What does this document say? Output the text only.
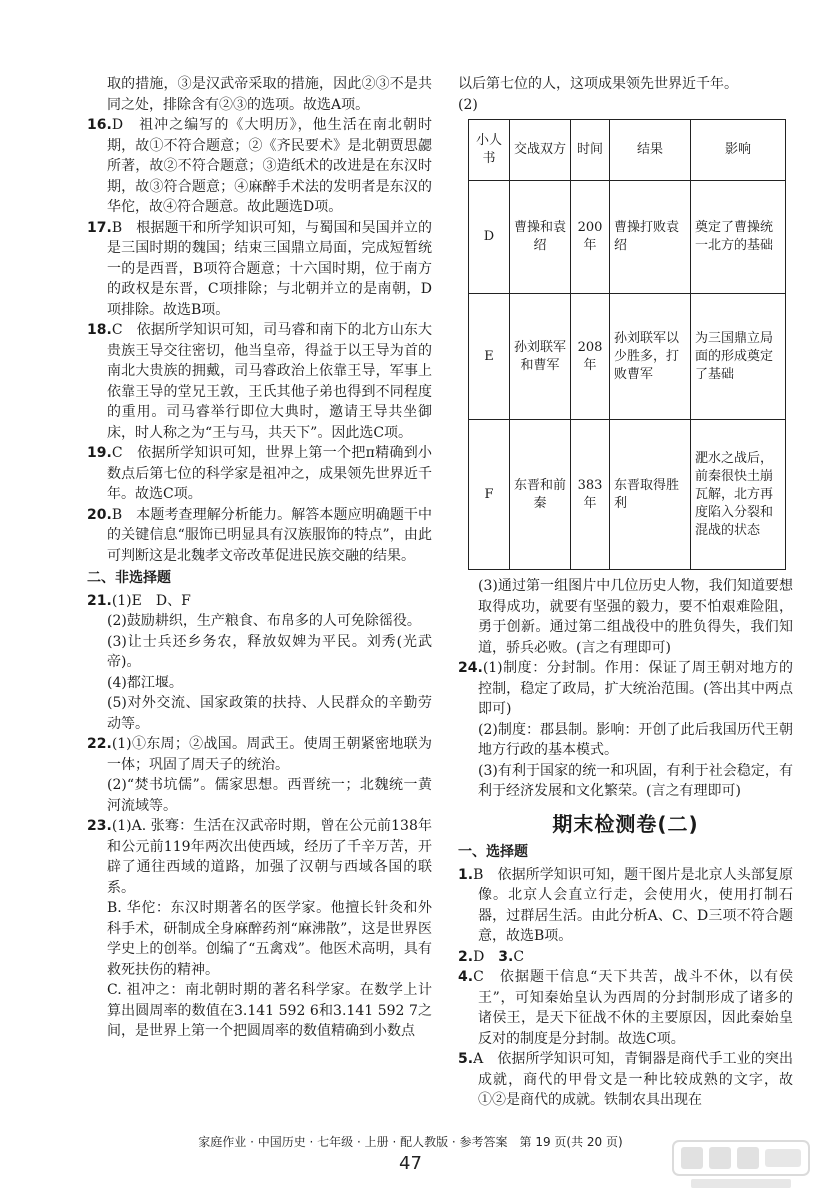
取的措施，③是汉武帝采取的措施，因此②③不是共同之处，排除含有②③的选项。故选A项。

16.D　祖冲之编写的《大明历》，他生活在南北朝时期，故①不符合题意；②《齐民要术》是北朝贾思勰所著，故②不符合题意；③造纸术的改进是在东汉时期，故③符合题意；④麻醉手术法的发明者是东汉的华佗，故④符合题意。故此题选D项。

17.B　根据题干和所学知识可知，与蜀国和吴国并立的是三国时期的魏国；结束三国鼎立局面，完成短暂统一的是西晋，B项符合题意；十六国时期，位于南方的政权是东晋，C项排除；与北朝并立的是南朝，D项排除。故选B项。

18.C　依据所学知识可知，司马睿和南下的北方山东大贵族王导交往密切，他当皇帝，得益于以王导为首的南北大贵族的拥戴，司马睿政治上依靠王导，军事上依靠王导的堂兄王敦，王氏其他子弟也得到不同程度的重用。司马睿举行即位大典时，邀请王导共坐御床，时人称之为“王与马，共天下”。因此选C项。

19.C　依据所学知识可知，世界上第一个把π精确到小数点后第七位的科学家是祖冲之，成果领先世界近千年。故选C项。

20.B　本题考查理解分析能力。解答本题应明确题干中的关键信息“服饰已明显具有汉族服饰的特点”，由此可判断这是北魏孝文帝改革促进民族交融的结果。

二、非选择题

21.(1)E　D、F

(2)鼓励耕织，生产粮食、布帛多的人可免除徭役。

(3)让士兵还乡务农，释放奴婢为平民。刘秀(光武帝)。

(4)都江堰。

(5)对外交流、国家政策的扶持、人民群众的辛勤劳动等。

22.(1)①东周；②战国。周武王。使周王朝紧密地联为一体；巩固了周天子的统治。

(2)“焚书坑儒”。儒家思想。西晋统一；北魏统一黄河流域等。

23.(1)A. 张骞：生活在汉武帝时期，曾在公元前138年和公元前119年两次出使西域，经历了千辛万苦，开辟了通往西域的道路，加强了汉朝与西域各国的联系。

B. 华佗：东汉时期著名的医学家。他擅长针灸和外科手术，研制成全身麻醉药剂“麻沸散”，这是世界医学史上的创举。创编了“五禽戏”。他医术高明，具有救死扶伤的精神。

C. 祖冲之：南北朝时期的著名科学家。在数学上计算出圆周率的数值在3.141 592 6和3.141 592 7之间，是世界上第一个把圆周率的数值精确到小数点

以后第七位的人，这项成果领先世界近千年。

(2)

小人书	交战双方	时间	结果	影响
D	曹操和袁绍	200年	曹操打败袁绍	奠定了曹操统一北方的基础
E	孙刘联军和曹军	208年	孙刘联军以少胜多，打败曹军	为三国鼎立局面的形成奠定了基础
F	东晋和前秦	383年	东晋取得胜利	淝水之战后，前秦很快土崩瓦解，北方再度陷入分裂和混战的状态

(3)通过第一组图片中几位历史人物，我们知道要想取得成功，就要有坚强的毅力，要不怕艰难险阻，勇于创新。通过第二组战役中的胜负得失，我们知道，骄兵必败。(言之有理即可)

24.(1)制度：分封制。作用：保证了周王朝对地方的控制，稳定了政局，扩大统治范围。(答出其中两点即可)

(2)制度：郡县制。影响：开创了此后我国历代王朝地方行政的基本模式。

(3)有利于国家的统一和巩固，有利于社会稳定，有利于经济发展和文化繁荣。(言之有理即可)

期末检测卷(二)

一、选择题

1.B　依据所学知识可知，题干图片是北京人头部复原像。北京人会直立行走，会使用火，使用打制石器，过群居生活。由此分析A、C、D三项不符合题意，故选B项。

2.D　3.C

4.C　依据题干信息“天下共苦，战斗不休，以有侯王”，可知秦始皇认为西周的分封制形成了诸多的诸侯王，是天下征战不休的主要原因，因此秦始皇反对的制度是分封制。故选C项。

5.A　依据所学知识可知，青铜器是商代手工业的突出成就，商代的甲骨文是一种比较成熟的文字，故①②是商代的成就。铁制农具出现在

家庭作业 · 中国历史 · 七年级 · 上册 · 配人教版 · 参考答案　第 19 页(共 20 页)
47
